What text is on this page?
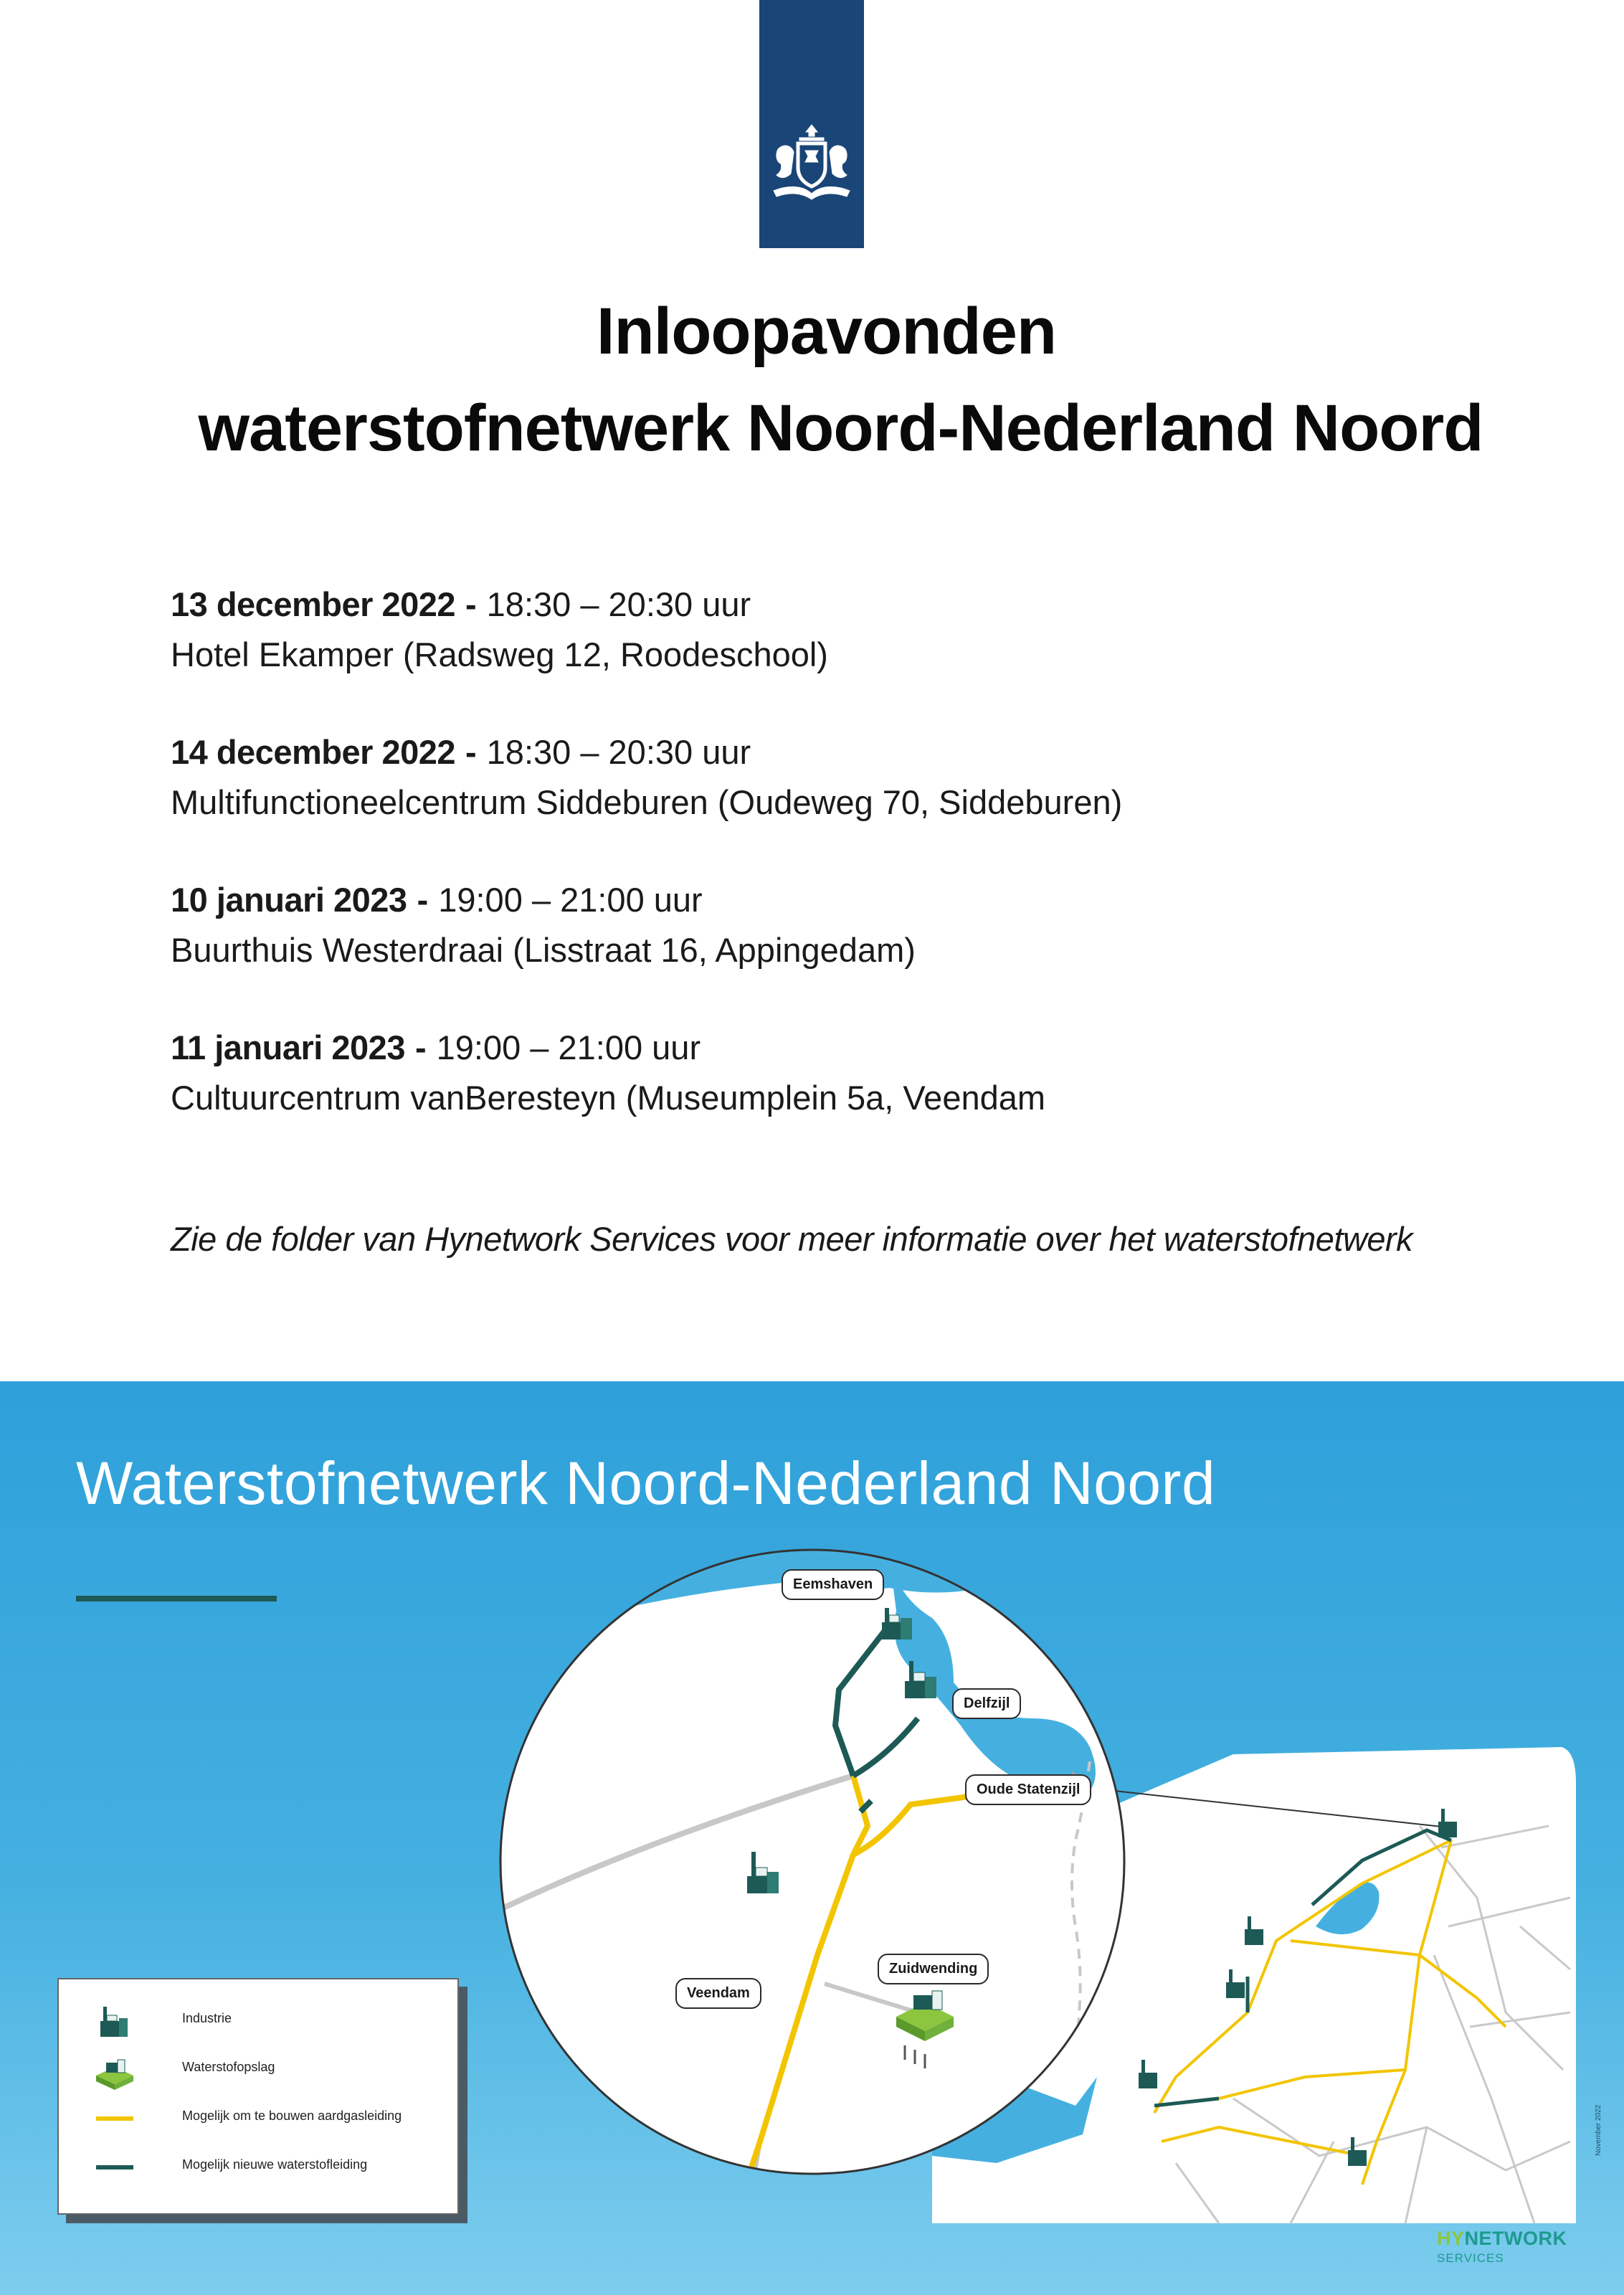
Inloopavonden
waterstofnetwerk Noord-Nederland Noord
13 december 2022 - 18:30 – 20:30 uur
Hotel Ekamper (Radsweg 12, Roodeschool)
14 december 2022 - 18:30 – 20:30 uur
Multifunctioneelcentrum Siddeburen (Oudeweg 70, Siddeburen)
10 januari 2023 - 19:00 – 21:00 uur
Buurthuis Westerdraai (Lisstraat 16, Appingedam)
11 januari 2023 - 19:00 – 21:00 uur
Cultuurcentrum vanBeresteyn (Museumplein 5a, Veendam
Zie de folder van Hynetwork Services voor meer informatie over het waterstofnetwerk
Waterstofnetwerk Noord-Nederland Noord
Eemshaven
Delfzijl
Oude Statenzijl
Veendam
Zuidwending
Industrie
Waterstofopslag
Mogelijk om te bouwen aardgasleiding
Mogelijk nieuwe waterstofleiding
November 2022
HYNETWORK
SERVICES
